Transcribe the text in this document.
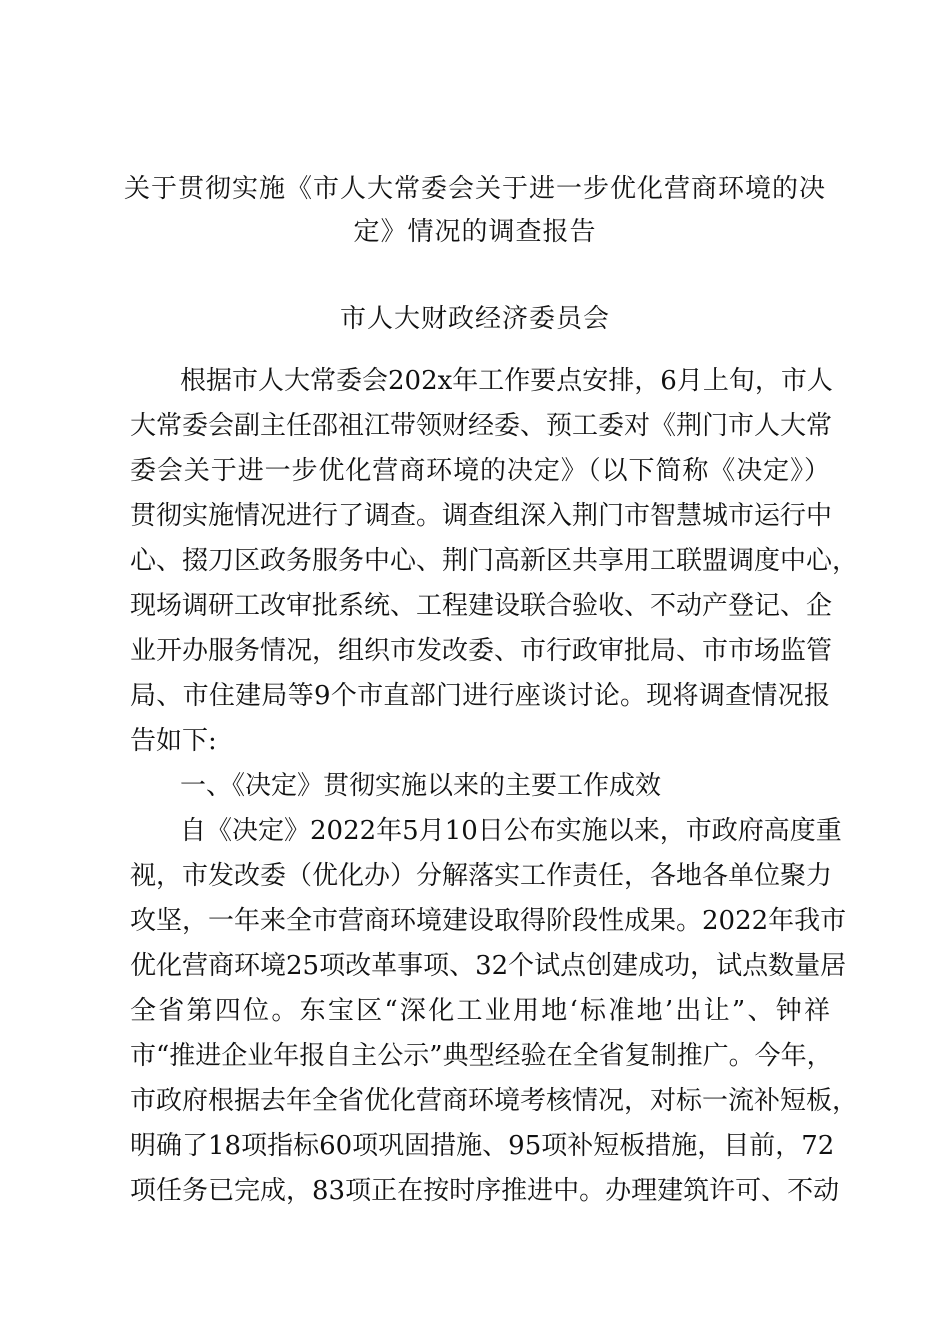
关于贯彻实施《市人大常委会关于进一步优化营商环境的决
定》情况的调查报告
市人大财政经济委员会
根据市人大常委会202x年工作要点安排，6月上旬，市人
大常委会副主任邵祖江带领财经委、预工委对《荆门市人大常
委会关于进一步优化营商环境的决定》（以下简称《决定》）
贯彻实施情况进行了调查。调查组深入荆门市智慧城市运行中
心、掇刀区政务服务中心、荆门高新区共享用工联盟调度中心，
现场调研工改审批系统、工程建设联合验收、不动产登记、企
业开办服务情况，组织市发改委、市行政审批局、市市场监管
局、市住建局等9个市直部门进行座谈讨论。现将调查情况报
告如下:
一、《决定》贯彻实施以来的主要工作成效
自《决定》2022年5月10日公布实施以来，市政府高度重
视，市发改委（优化办）分解落实工作责任，各地各单位聚力
攻坚，一年来全市营商环境建设取得阶段性成果。2022年我市
优化营商环境25项改革事项、32个试点创建成功，试点数量居
全省第四位。东宝区“深化工业用地‘标准地’出让”、钟祥
市“推进企业年报自主公示”典型经验在全省复制推广。今年，
市政府根据去年全省优化营商环境考核情况，对标一流补短板，
明确了18项指标60项巩固措施、95项补短板措施，目前，72
项任务已完成，83项正在按时序推进中。办理建筑许可、不动
